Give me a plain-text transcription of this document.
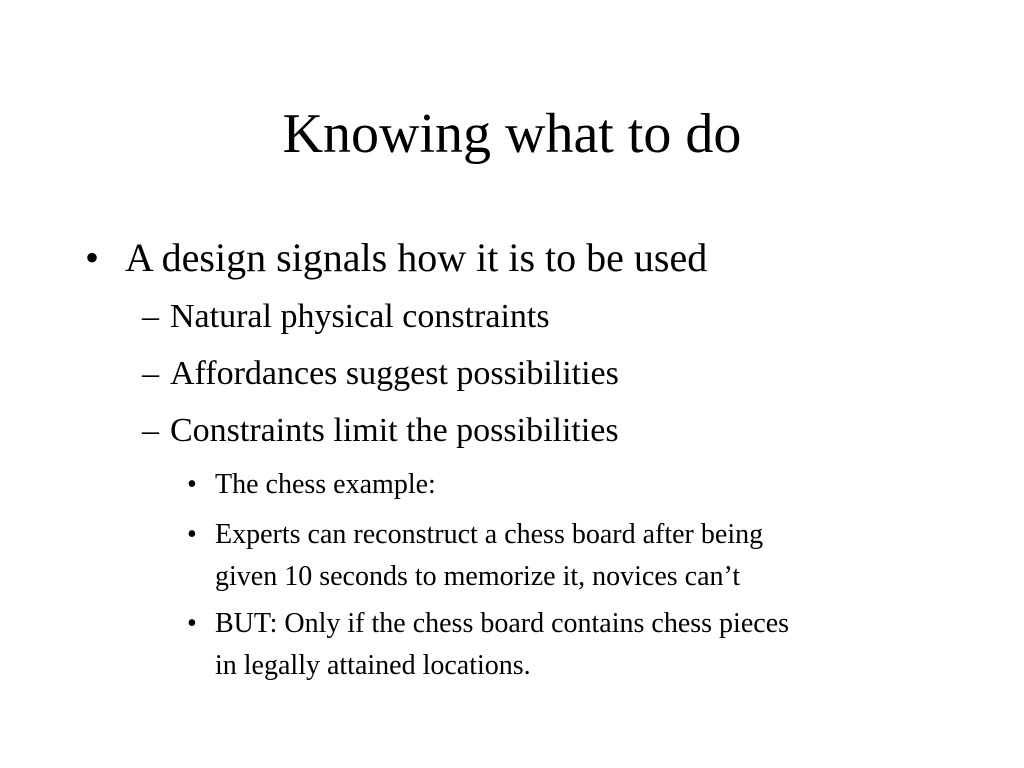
Knowing what to do
• A design signals how it is to be used
– Natural physical constraints
– Affordances suggest possibilities
– Constraints limit the possibilities
• The chess example:
• Experts can reconstruct a chess board after being
given 10 seconds to memorize it, novices can’t
• BUT: Only if the chess board contains chess pieces
in legally attained locations.
